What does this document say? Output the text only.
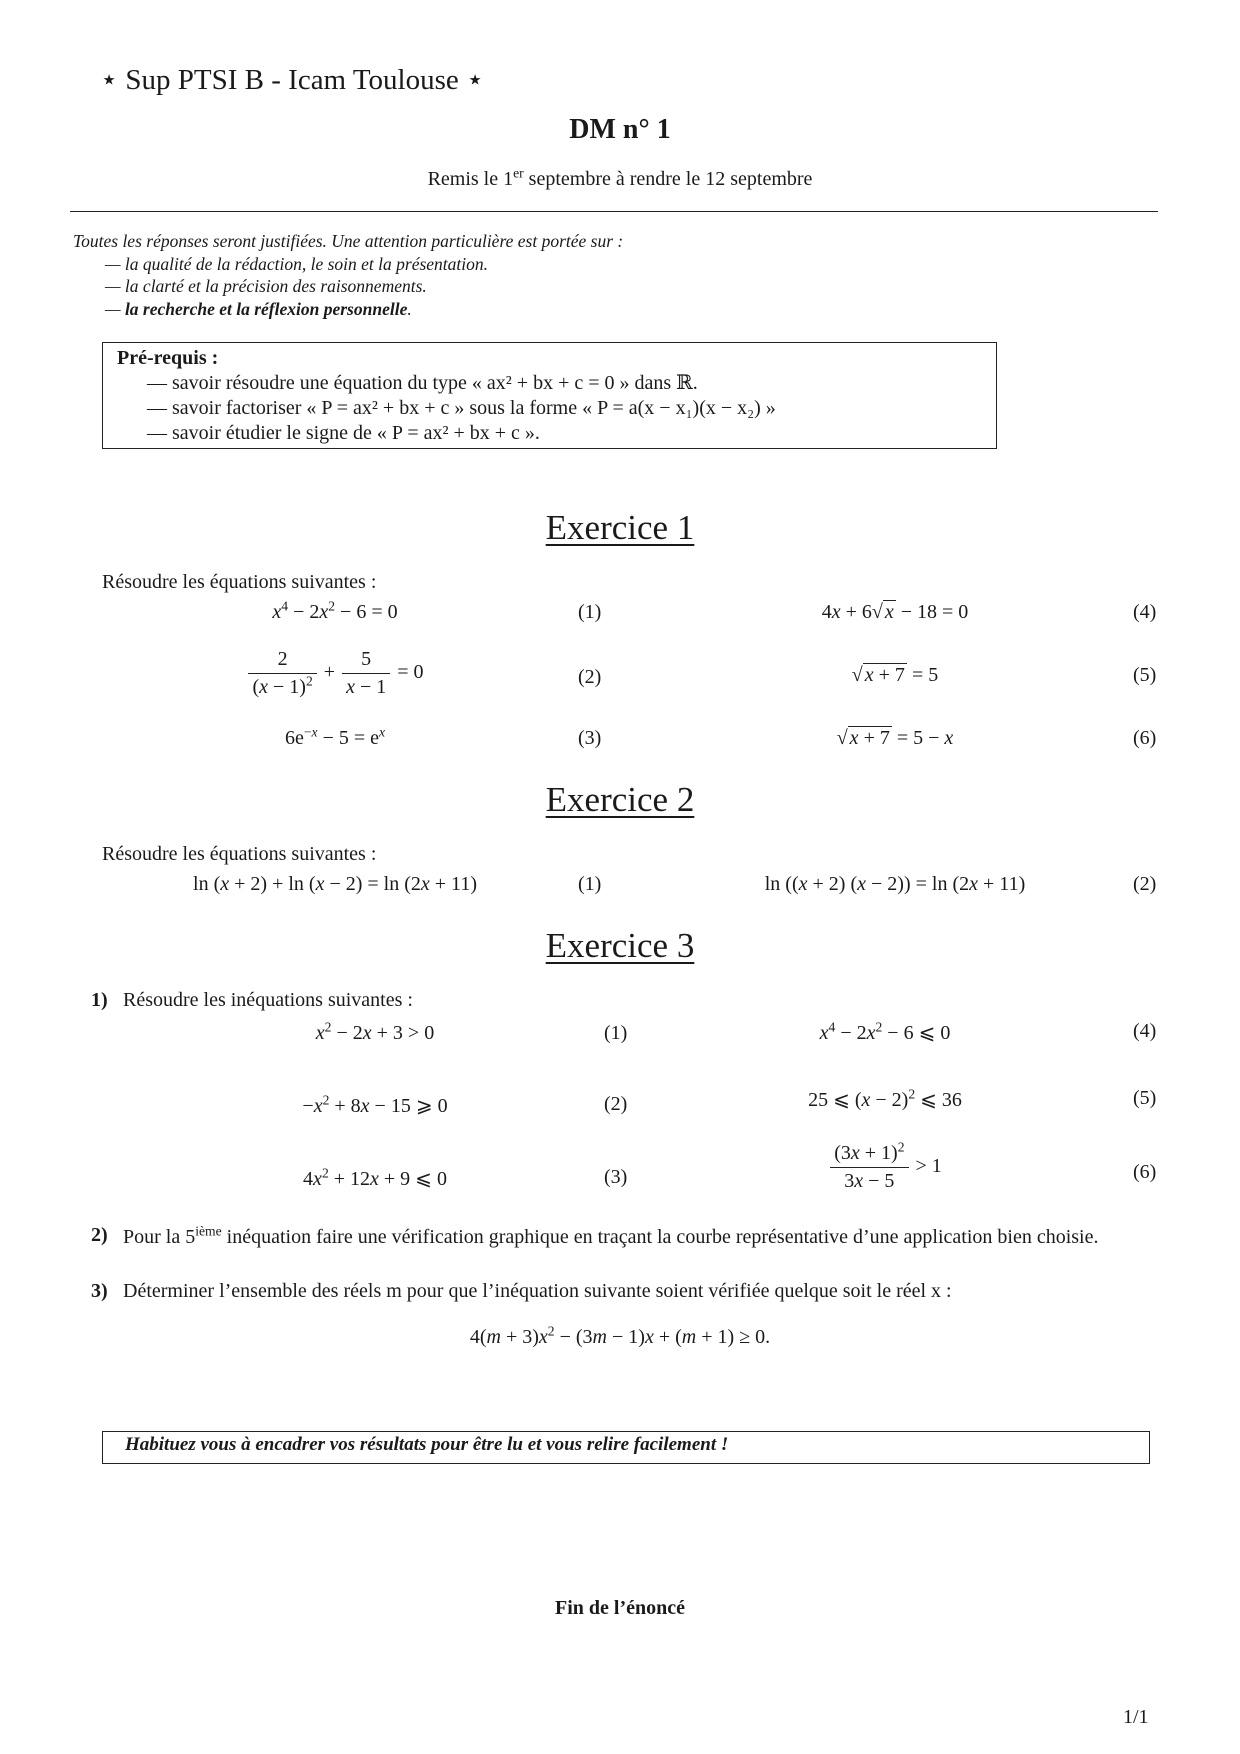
⋆ Sup PTSI B - Icam Toulouse ⋆
DM n° 1
Remis le 1er septembre à rendre le 12 septembre
Toutes les réponses seront justifiées. Une attention particulière est portée sur :
— la qualité de la rédaction, le soin et la présentation.
— la clarté et la précision des raisonnements.
— la recherche et la réflexion personnelle.
Pré-requis :
— savoir résoudre une équation du type « ax² + bx + c = 0 » dans ℝ.
— savoir factoriser « P = ax² + bx + c » sous la forme « P = a(x − x₁)(x − x₂) »
— savoir étudier le signe de « P = ax² + bx + c ».
Exercice 1
Résoudre les équations suivantes :
$x^4 - 2x^2 - 6 = 0$	(1)	4x + 6√ x − 18 = 0	(4)
$\frac{2}{(x - 1)^2} + \frac{5}{x - 1} = 0$	(2)	√ x + 7 = 5	(5)
$6e^{-x} - 5 = e^x$	(3)	√ x + 7 = 5 − x	(6)
Exercice 2
Résoudre les équations suivantes :
ln (x + 2) + ln (x − 2) = ln (2x + 11)	(1)	ln ((x + 2) (x − 2)) = ln (2x + 11)	(2)
Exercice 3
1) Résoudre les inéquations suivantes :
$x^2 - 2x + 3 > 0$	(1)	$x^4 - 2x^2 - 6$ ⩽ 0	(4)
$-x^2 + 8x - 15$ ⩾ 0	(2)	25 ⩽ $(x - 2)^2$ ⩽ 36	(5)
$4x^2 + 12x + 9$ ⩽ 0	(3)	$\frac{(3x + 1)^2}{3x - 5} > 1$	(6)
2) Pour la 5ième inéquation faire une vérification graphique en traçant la courbe représentative d’une application bien choisie.
3) Déterminer l’ensemble des réels m pour que l’inéquation suivante soient vérifiée quelque soit le réel x :
$4(m + 3)x^2 - (3m - 1)x + (m + 1) \ge 0$.
Habituez vous à encadrer vos résultats pour être lu et vous relire facilement !
Fin de l’énoncé
1/1
